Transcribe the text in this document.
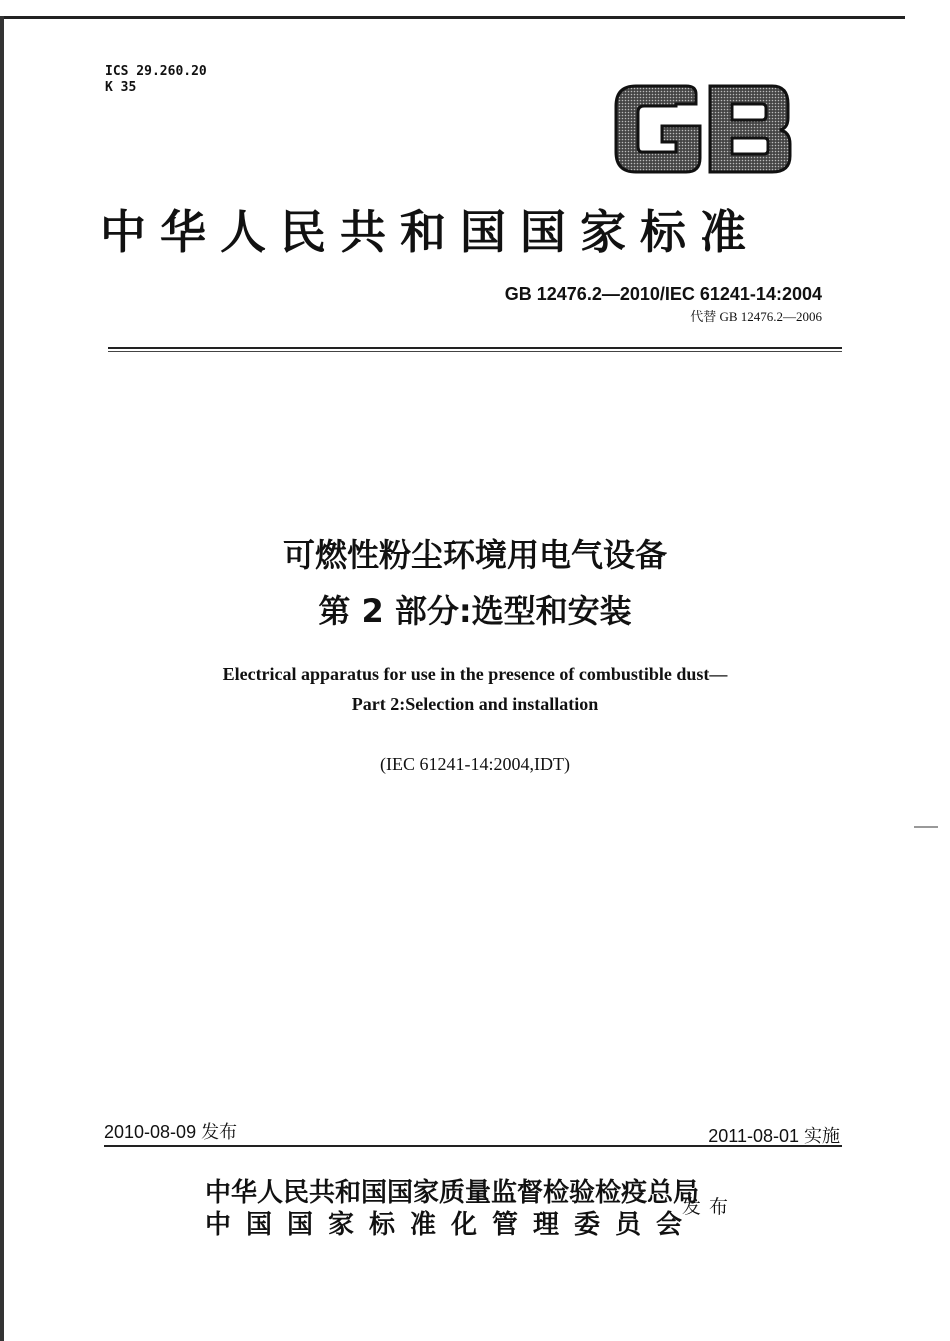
ICS 29.260.20
K 35
中华人民共和国国家标准
GB 12476.2—2010/IEC 61241-14:2004
代替 GB 12476.2—2006
可燃性粉尘环境用电气设备
第 2 部分:选型和安装
Electrical apparatus for use in the presence of combustible dust—
Part 2:Selection and installation
(IEC 61241-14:2004,IDT)
2010-08-09 发布	2011-08-01 实施
中华人民共和国国家质量监督检验检疫总局
中国国家标准化管理委员会
发布
